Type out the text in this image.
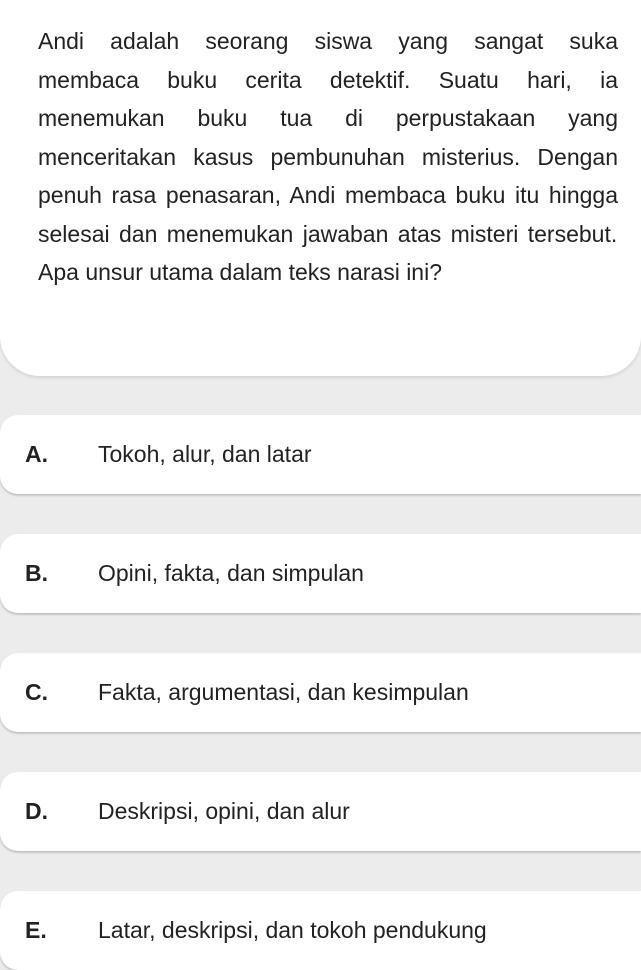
Andi adalah seorang siswa yang sangat suka membaca buku cerita detektif. Suatu hari, ia menemukan buku tua di perpustakaan yang menceritakan kasus pembunuhan misterius. Dengan penuh rasa penasaran, Andi membaca buku itu hingga selesai dan menemukan jawaban atas misteri tersebut.

Apa unsur utama dalam teks narasi ini?

A. Tokoh, alur, dan latar
B. Opini, fakta, dan simpulan
C. Fakta, argumentasi, dan kesimpulan
D. Deskripsi, opini, dan alur
E. Latar, deskripsi, dan tokoh pendukung
